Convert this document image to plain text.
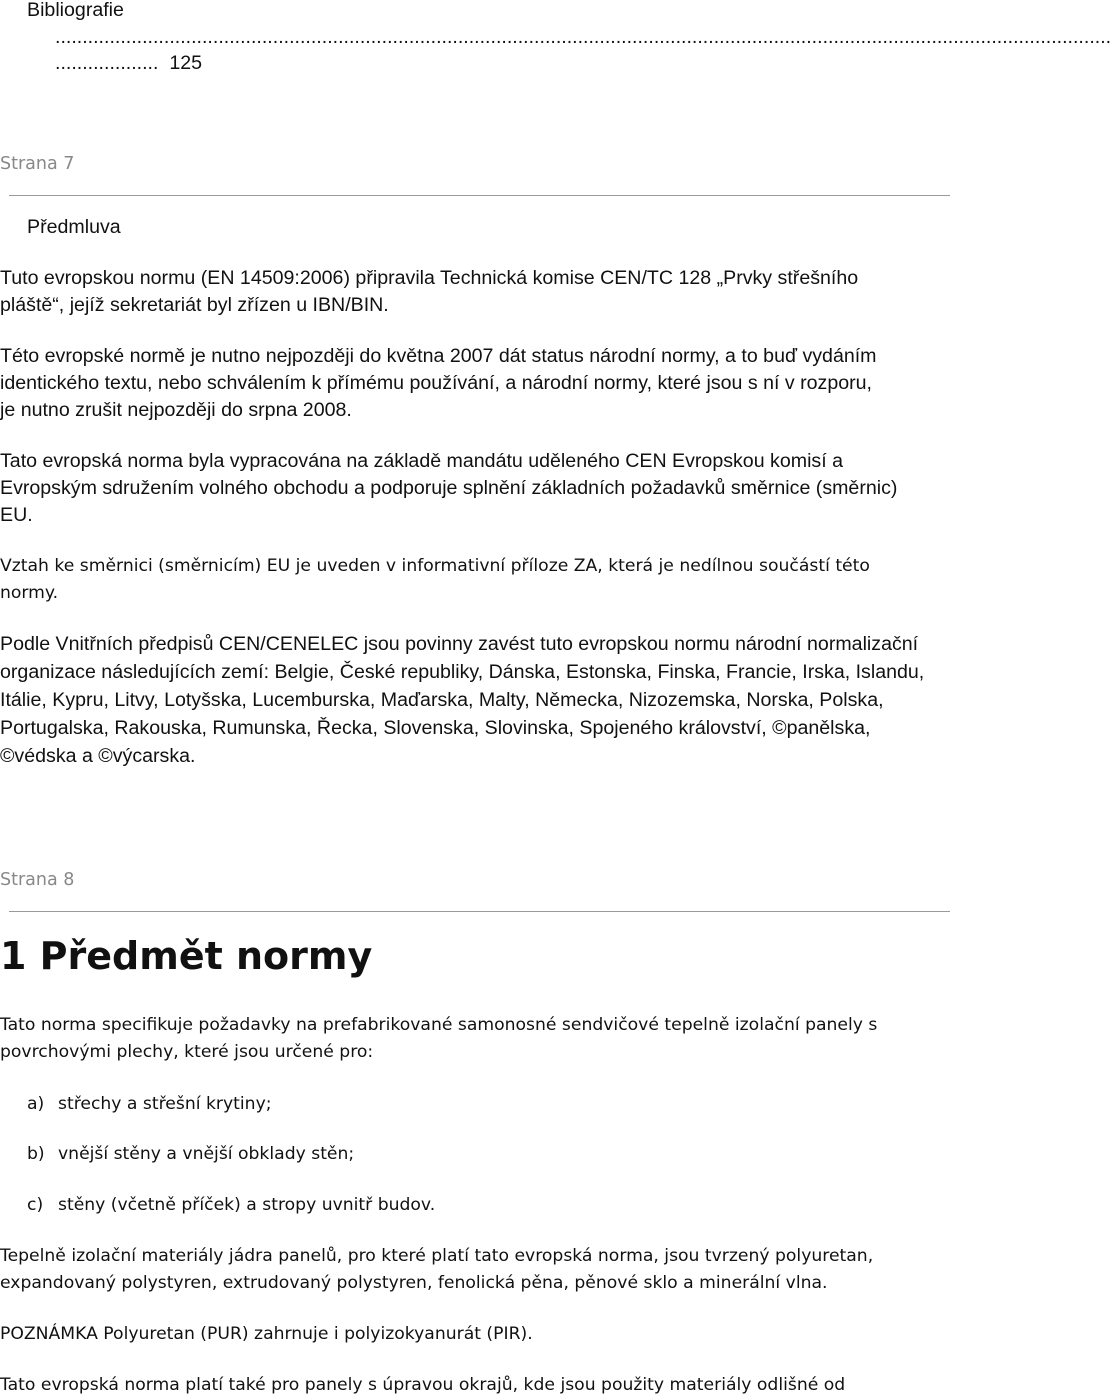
Bibliografie

..................................................................................................................................................................................................
................... 125

Strana 7

Předmluva

Tuto evropskou normu (EN 14509:2006) připravila Technická komise CEN/TC 128 „Prvky střešního

pláště“, jejíž sekretariát byl zřízen u IBN/BIN.

Této evropské normě je nutno nejpozději do května 2007 dát status národní normy, a to buď vydáním

identického textu, nebo schválením k přímému používání, a národní normy, které jsou s ní v rozporu,

je nutno zrušit nejpozději do srpna 2008.

Tato evropská norma byla vypracována na základě mandátu uděleného CEN Evropskou komisí a

Evropským sdružením volného obchodu a podporuje splnění základních požadavků směrnice (směrnic)

EU.

Vztah ke směrnici (směrnicím) EU je uveden v informativní příloze ZA, která je nedílnou součástí této

normy.

Podle Vnitřních předpisů CEN/CENELEC jsou povinny zavést tuto evropskou normu národní normalizační

organizace následujících zemí: Belgie, České republiky, Dánska, Estonska, Finska, Francie, Irska, Islandu,

Itálie, Kypru, Litvy, Lotyšska, Lucemburska, Maďarska, Malty, Německa, Nizozemska, Norska, Polska,

Portugalska, Rakouska, Rumunska, Řecka, Slovenska, Slovinska, Spojeného království, ©panělska,

©védska a ©výcarska.

Strana 8

1 Předmět normy

Tato norma specifikuje požadavky na prefabrikované samonosné sendvičové tepelně izolační panely s

povrchovými plechy, které jsou určené pro:

a) střechy a střešní krytiny;

b) vnější stěny a vnější obklady stěn;

c) stěny (včetně příček) a stropy uvnitř budov.

Tepelně izolační materiály jádra panelů, pro které platí tato evropská norma, jsou tvrzený polyuretan,

expandovaný polystyren, extrudovaný polystyren, fenolická pěna, pěnové sklo a minerální vlna.

POZNÁMKA Polyuretan (PUR) zahrnuje i polyizokyanurát (PIR).

Tato evropská norma platí také pro panely s úpravou okrajů, kde jsou použity materiály odlišné od
